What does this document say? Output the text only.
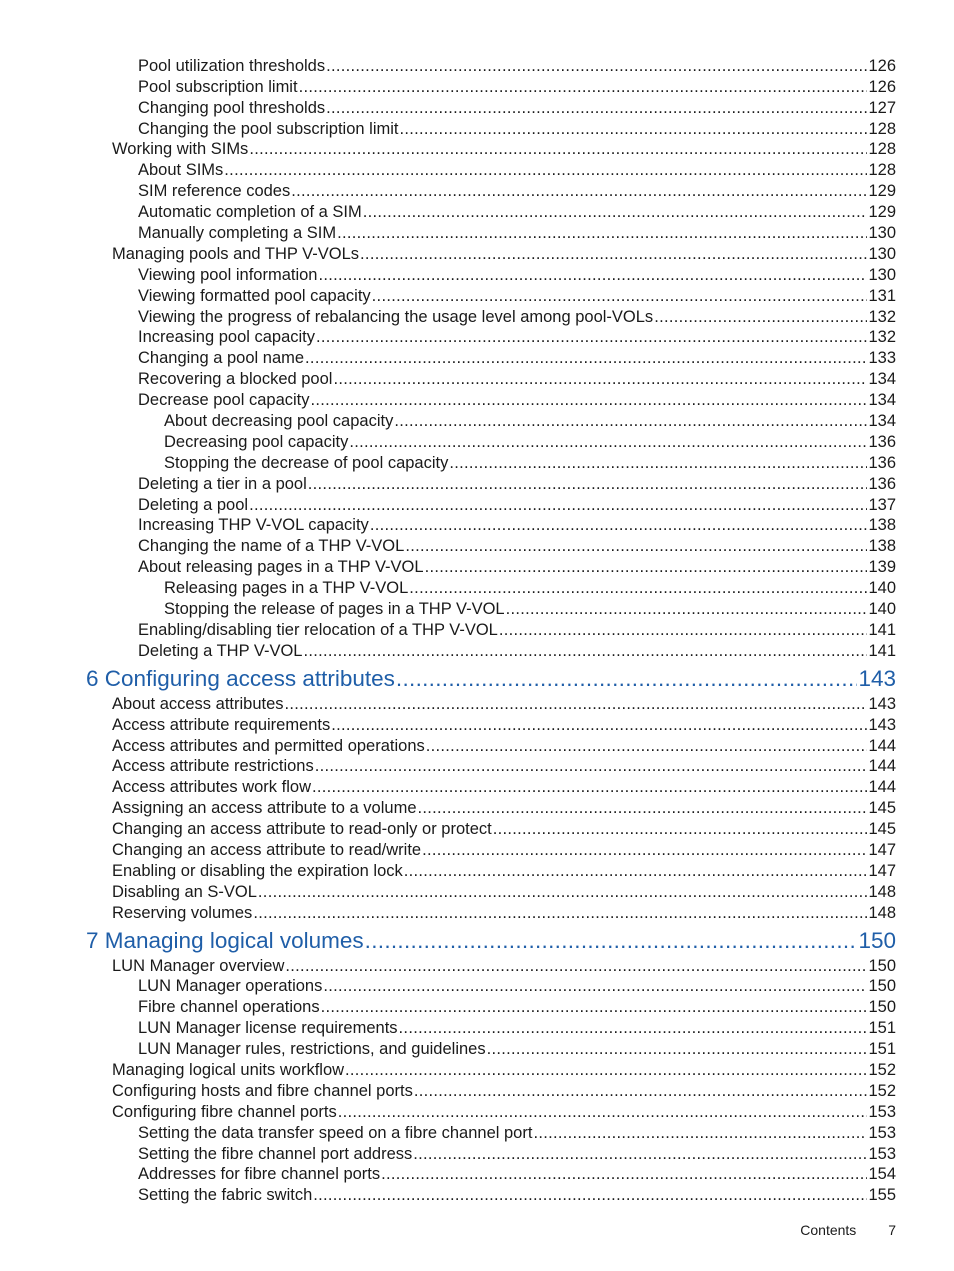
Pool utilization thresholds .....	126
Pool subscription limit .....	126
Changing pool thresholds .....	127
Changing the pool subscription limit .....	128
Working with SIMs .....	128
About SIMs .....	128
SIM reference codes .....	129
Automatic completion of a SIM .....	129
Manually completing a SIM .....	130
Managing pools and THP V-VOLs .....	130
Viewing pool information .....	130
Viewing formatted pool capacity .....	131
Viewing the progress of rebalancing the usage level among pool-VOLs .....	132
Increasing pool capacity .....	132
Changing a pool name .....	133
Recovering a blocked pool .....	134
Decrease pool capacity .....	134
About decreasing pool capacity .....	134
Decreasing pool capacity .....	136
Stopping the decrease of pool capacity .....	136
Deleting a tier in a pool .....	136
Deleting a pool .....	137
Increasing THP V-VOL capacity .....	138
Changing the name of a THP V-VOL .....	138
About releasing pages in a THP V-VOL .....	139
Releasing pages in a THP V-VOL .....	140
Stopping the release of pages in a THP V-VOL .....	140
Enabling/disabling tier relocation of a THP V-VOL .....	141
Deleting a THP V-VOL .....	141
6 Configuring access attributes .....	143
About access attributes .....	143
Access attribute requirements .....	143
Access attributes and permitted operations .....	144
Access attribute restrictions .....	144
Access attributes work flow .....	144
Assigning an access attribute to a volume .....	145
Changing an access attribute to read-only or protect .....	145
Changing an access attribute to read/write .....	147
Enabling or disabling the expiration lock .....	147
Disabling an S-VOL .....	148
Reserving volumes .....	148
7 Managing logical volumes .....	150
LUN Manager overview .....	150
LUN Manager operations .....	150
Fibre channel operations .....	150
LUN Manager license requirements .....	151
LUN Manager rules, restrictions, and guidelines .....	151
Managing logical units workflow .....	152
Configuring hosts and fibre channel ports .....	152
Configuring fibre channel ports .....	153
Setting the data transfer speed on a fibre channel port .....	153
Setting the fibre channel port address .....	153
Addresses for fibre channel ports .....	154
Setting the fabric switch .....	155
Contents 7
